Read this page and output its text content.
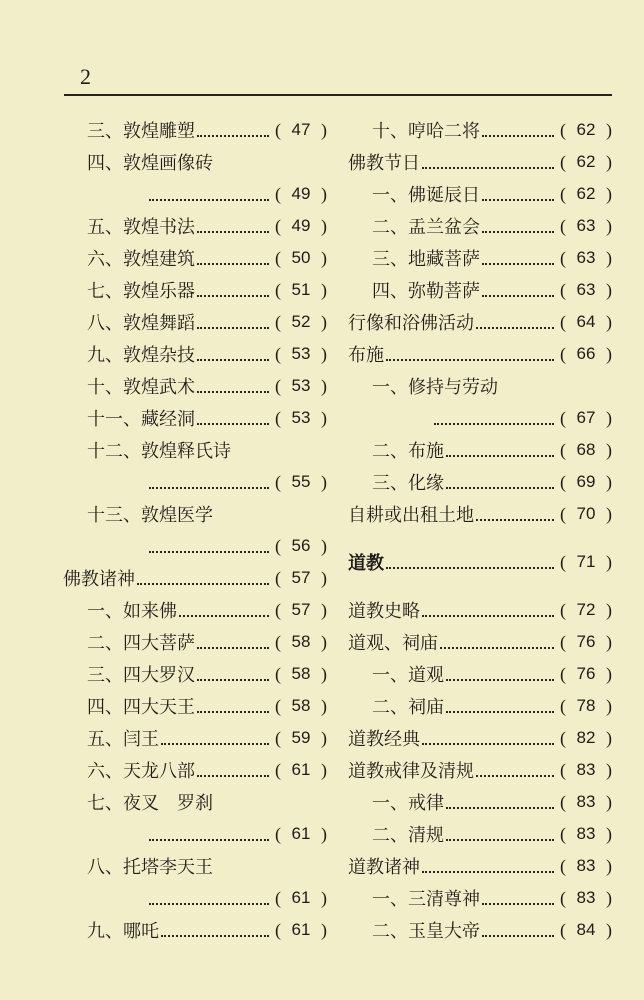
2
三、敦煌雕塑	( 47 )
四、敦煌画像砖
( 49 )
五、敦煌书法	( 49 )
六、敦煌建筑	( 50 )
七、敦煌乐器	( 51 )
八、敦煌舞蹈	( 52 )
九、敦煌杂技	( 53 )
十、敦煌武术	( 53 )
十一、藏经洞	( 53 )
十二、敦煌释氏诗
( 55 )
十三、敦煌医学
( 56 )
佛教诸神	( 57 )
一、如来佛	( 57 )
二、四大菩萨	( 58 )
三、四大罗汉	( 58 )
四、四大天王	( 58 )
五、闫王	( 59 )
六、天龙八部	( 61 )
七、夜叉　罗刹
( 61 )
八、托塔李天王
( 61 )
九、哪吒	( 61 )
十、哼哈二将	( 62 )
佛教节日	( 62 )
一、佛诞辰日	( 62 )
二、盂兰盆会	( 63 )
三、地藏菩萨	( 63 )
四、弥勒菩萨	( 63 )
行像和浴佛活动	( 64 )
布施	( 66 )
一、修持与劳动
( 67 )
二、布施	( 68 )
三、化缘	( 69 )
自耕或出租土地	( 70 )
道教	( 71 )
道教史略	( 72 )
道观、祠庙	( 76 )
一、道观	( 76 )
二、祠庙	( 78 )
道教经典	( 82 )
道教戒律及清规	( 83 )
一、戒律	( 83 )
二、清规	( 83 )
道教诸神	( 83 )
一、三清尊神	( 83 )
二、玉皇大帝	( 84 )
